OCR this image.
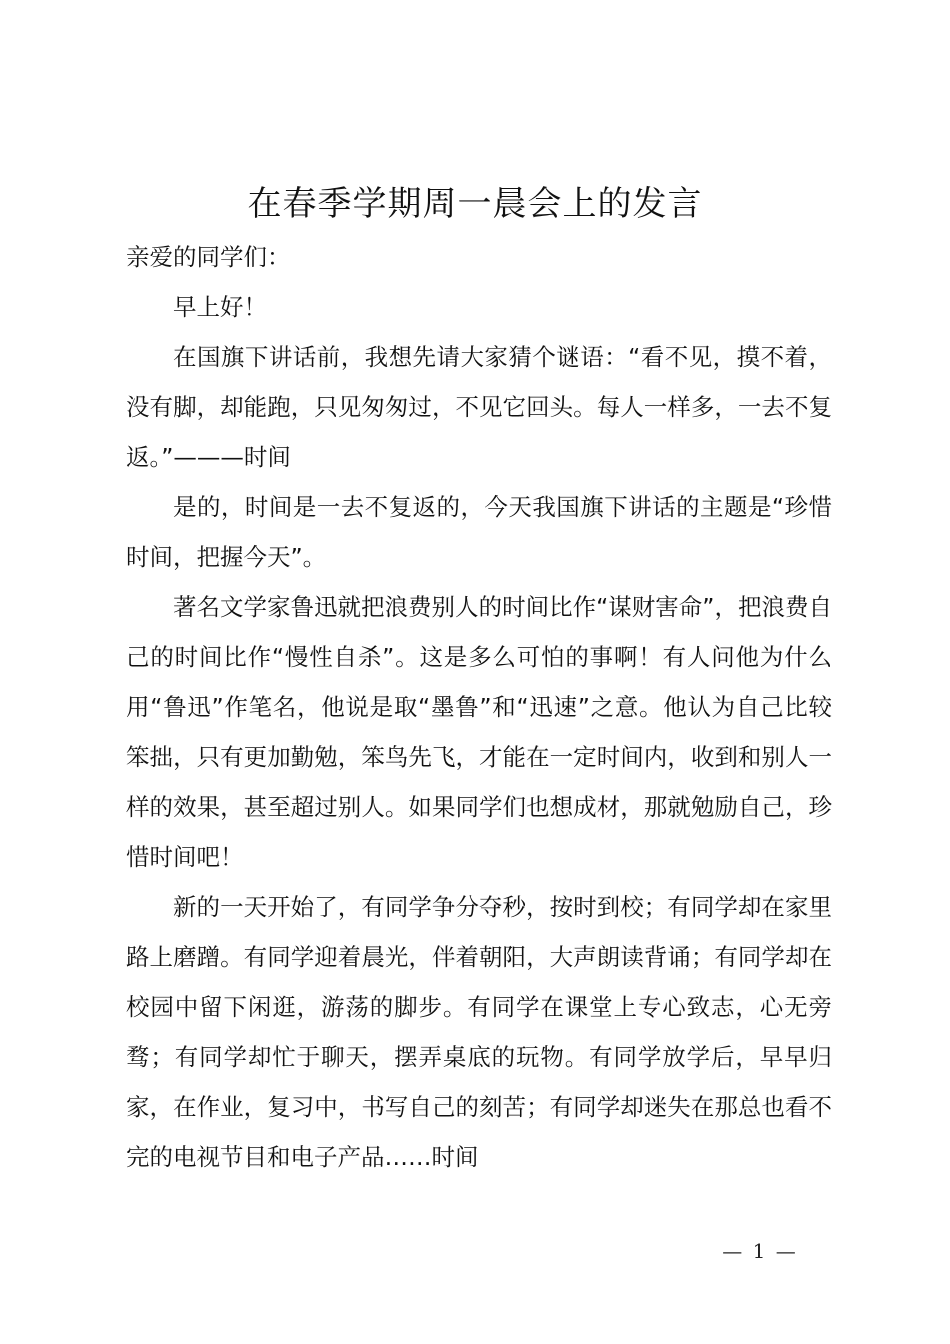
在春季学期周一晨会上的发言

亲爱的同学们：

早上好！

在国旗下讲话前，我想先请大家猜个谜语：“看不见，摸不着，没有脚，却能跑，只见匆匆过，不见它回头。每人一样多，一去不复返。”———时间

是的，时间是一去不复返的，今天我国旗下讲话的主题是“珍惜时间，把握今天”。

著名文学家鲁迅就把浪费别人的时间比作“谋财害命”，把浪费自己的时间比作“慢性自杀”。这是多么可怕的事啊！有人问他为什么用“鲁迅”作笔名，他说是取“墨鲁”和“迅速”之意。他认为自己比较笨拙，只有更加勤勉，笨鸟先飞，才能在一定时间内，收到和别人一样的效果，甚至超过别人。如果同学们也想成材，那就勉励自己，珍惜时间吧！

新的一天开始了，有同学争分夺秒，按时到校；有同学却在家里路上磨蹭。有同学迎着晨光，伴着朝阳，大声朗读背诵；有同学却在校园中留下闲逛，游荡的脚步。有同学在课堂上专心致志，心无旁骛；有同学却忙于聊天，摆弄桌底的玩物。有同学放学后，早早归家，在作业，复习中，书写自己的刻苦；有同学却迷失在那总也看不完的电视节目和电子产品……时间

— 1 —
